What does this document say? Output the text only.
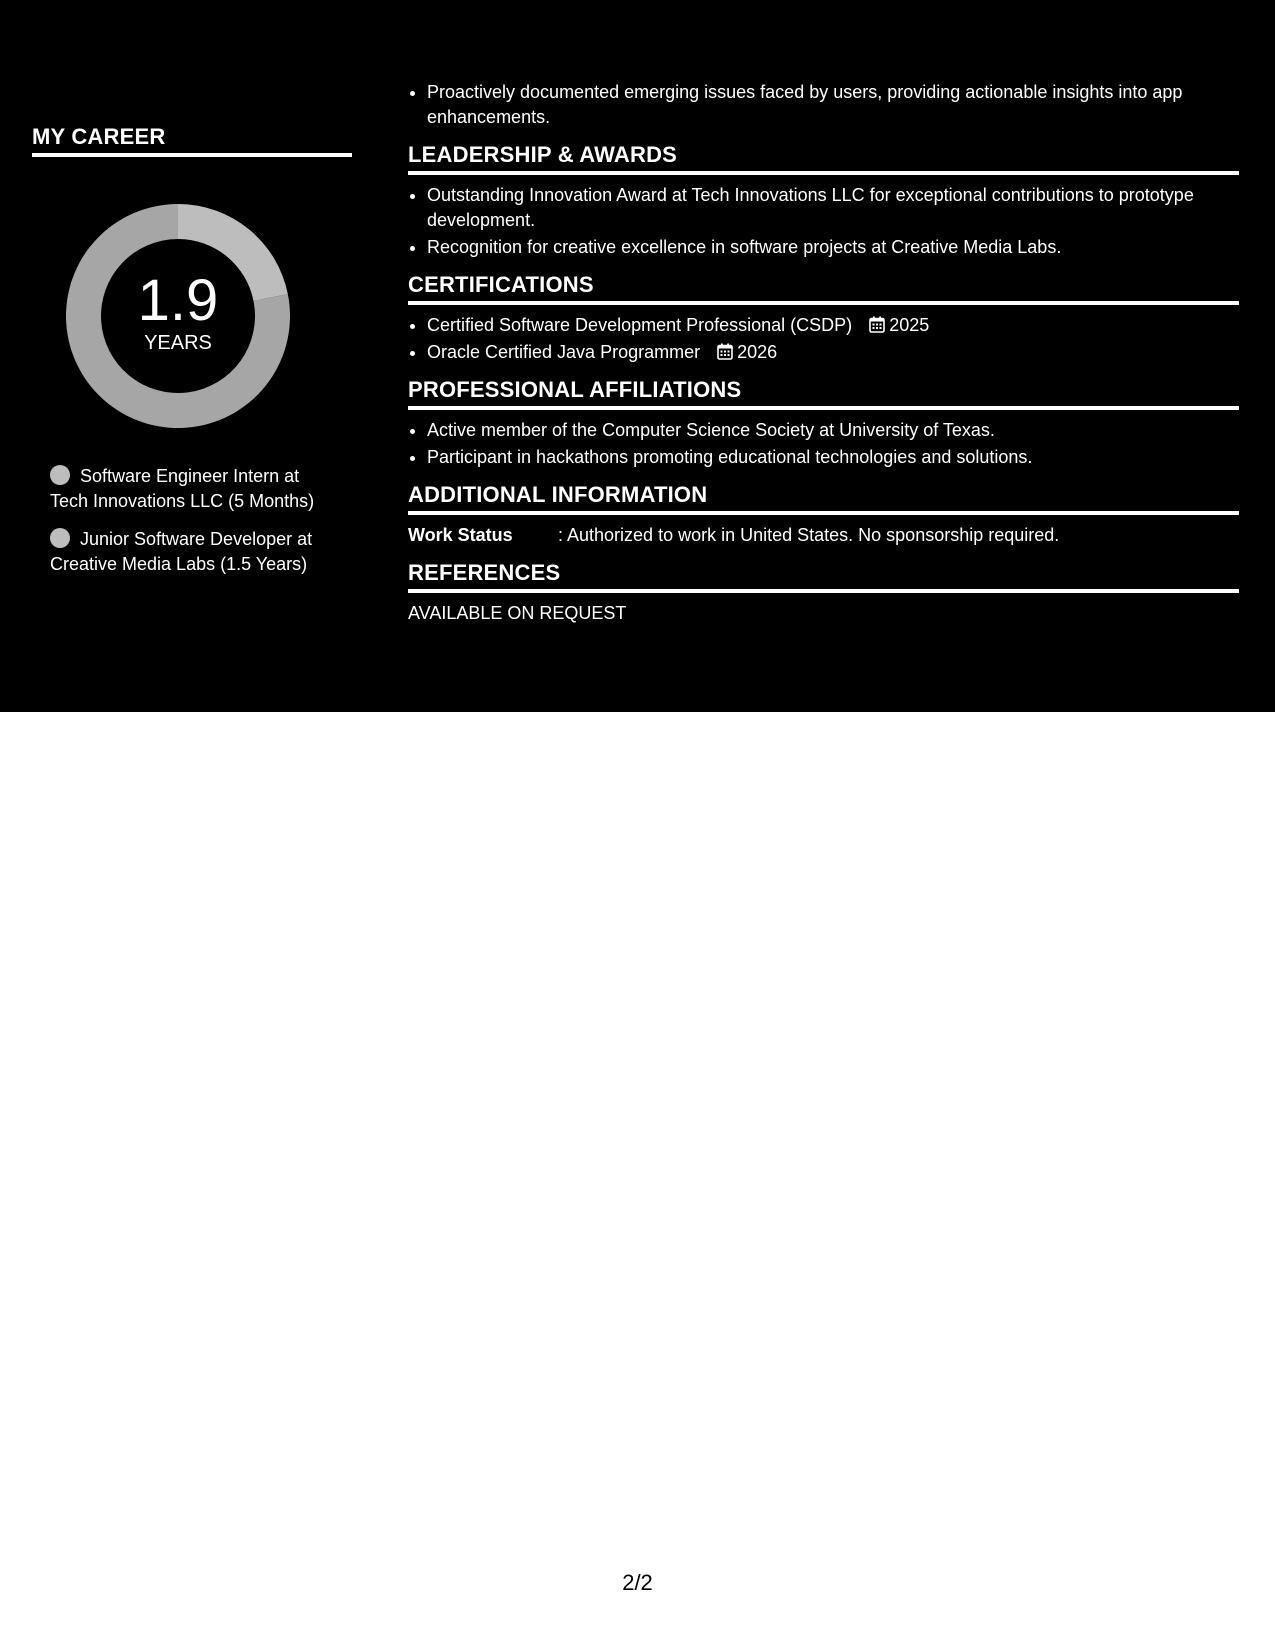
MY CAREER
1.9
YEARS
Software Engineer Intern at Tech Innovations LLC (5 Months)
Junior Software Developer at Creative Media Labs (1.5 Years)
• Proactively documented emerging issues faced by users, providing actionable insights into app enhancements.
LEADERSHIP & AWARDS
• Outstanding Innovation Award at Tech Innovations LLC for exceptional contributions to prototype development.
• Recognition for creative excellence in software projects at Creative Media Labs.
CERTIFICATIONS
• Certified Software Development Professional (CSDP) 2025
• Oracle Certified Java Programmer 2026
PROFESSIONAL AFFILIATIONS
• Active member of the Computer Science Society at University of Texas.
• Participant in hackathons promoting educational technologies and solutions.
ADDITIONAL INFORMATION
Work Status	: Authorized to work in United States. No sponsorship required.
REFERENCES
AVAILABLE ON REQUEST
2/2
